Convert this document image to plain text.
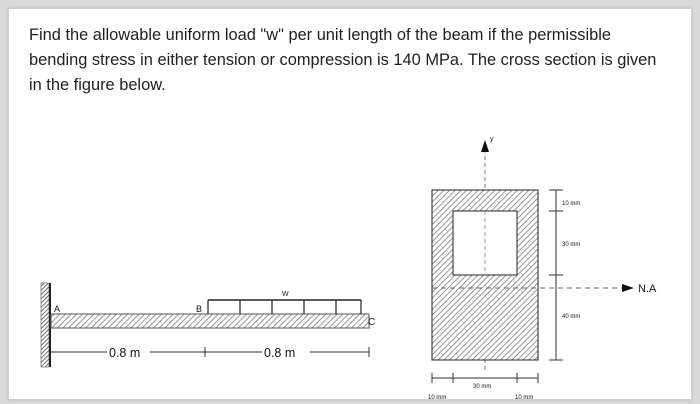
Find the allowable uniform load "w" per unit length of the beam if the permissible bending stress in either tension or compression is 140 MPa. The cross section is given in the figure below.

A	B
C
W
0.8 m	0.8 m
y
N.A
10 mm
30 mm
40 mm
10 mm
30 mm
10 mm
